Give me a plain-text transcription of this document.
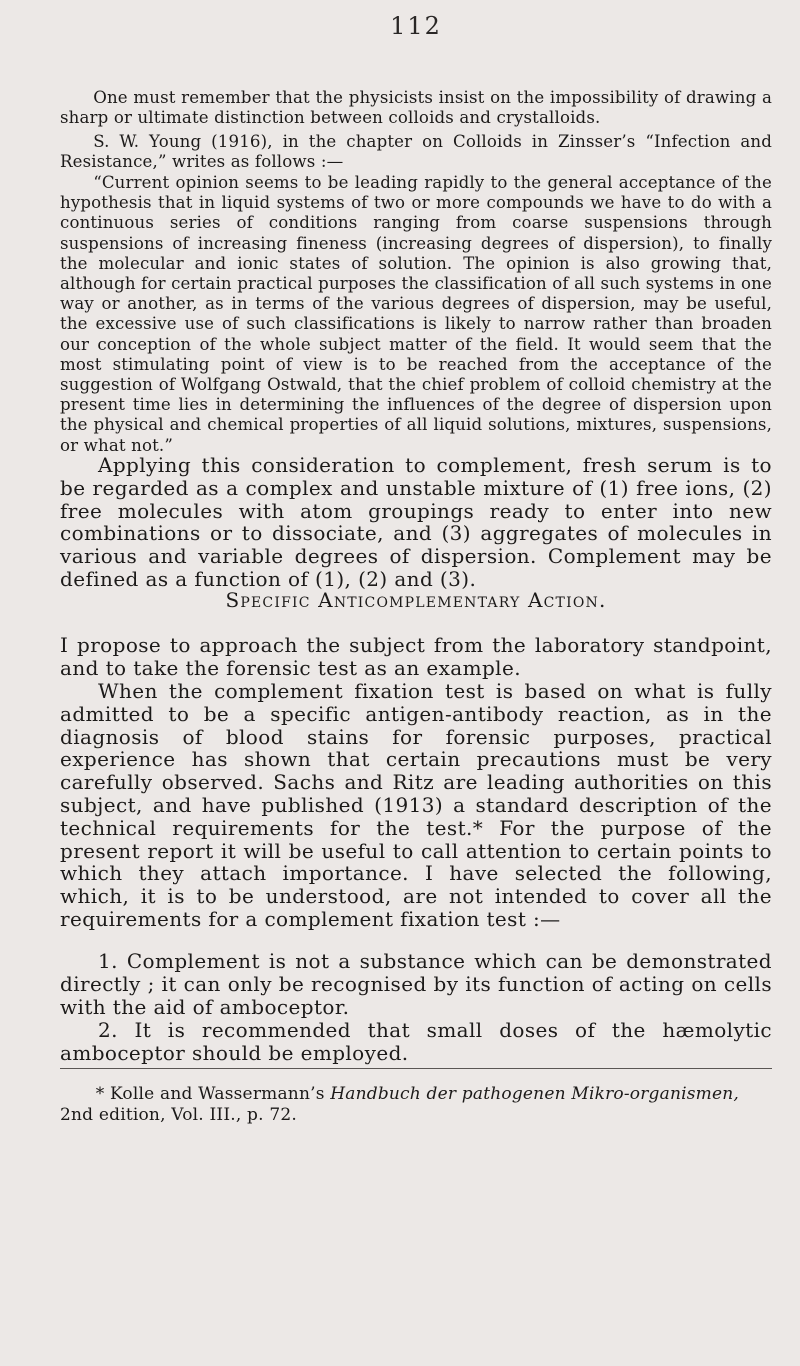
112

One must remember that the physicists insist on the impossibility of drawing a sharp or ultimate distinction between colloids and crystalloids.

S. W. Young (1916), in the chapter on Colloids in Zinsser’s “Infection and Resistance,” writes as follows :—

“Current opinion seems to be leading rapidly to the general acceptance of the hypothesis that in liquid systems of two or more compounds we have to do with a continuous series of conditions ranging from coarse suspensions through suspensions of increasing fineness (increasing degrees of dispersion), to finally the molecular and ionic states of solution. The opinion is also growing that, although for certain practical purposes the classification of all such systems in one way or another, as in terms of the various degrees of dispersion, may be useful, the excessive use of such classifications is likely to narrow rather than broaden our conception of the whole subject matter of the field. It would seem that the most stimulating point of view is to be reached from the acceptance of the suggestion of Wolfgang Ostwald, that the chief problem of colloid chemistry at the present time lies in determining the influences of the degree of dispersion upon the physical and chemical properties of all liquid solutions, mixtures, suspensions, or what not.”

Applying this consideration to complement, fresh serum is to be regarded as a complex and unstable mixture of (1) free ions, (2) free molecules with atom groupings ready to enter into new combinations or to dissociate, and (3) aggregates of molecules in various and variable degrees of dispersion. Complement may be defined as a function of (1), (2) and (3).

Specific Anticomplementary Action.

I propose to approach the subject from the laboratory standpoint, and to take the forensic test as an example.

When the complement fixation test is based on what is fully admitted to be a specific antigen-antibody reaction, as in the diagnosis of blood stains for forensic purposes, practical experience has shown that certain precautions must be very carefully observed. Sachs and Ritz are leading authorities on this subject, and have published (1913) a standard description of the technical requirements for the test.* For the purpose of the present report it will be useful to call attention to certain points to which they attach importance. I have selected the following, which, it is to be understood, are not intended to cover all the requirements for a complement fixation test :—

1. Complement is not a substance which can be demonstrated directly ; it can only be recognised by its function of acting on cells with the aid of amboceptor.

2. It is recommended that small doses of the hæmolytic amboceptor should be employed.

* Kolle and Wassermann’s Handbuch der pathogenen Mikro-organismen, 2nd edition, Vol. III., p. 72.
